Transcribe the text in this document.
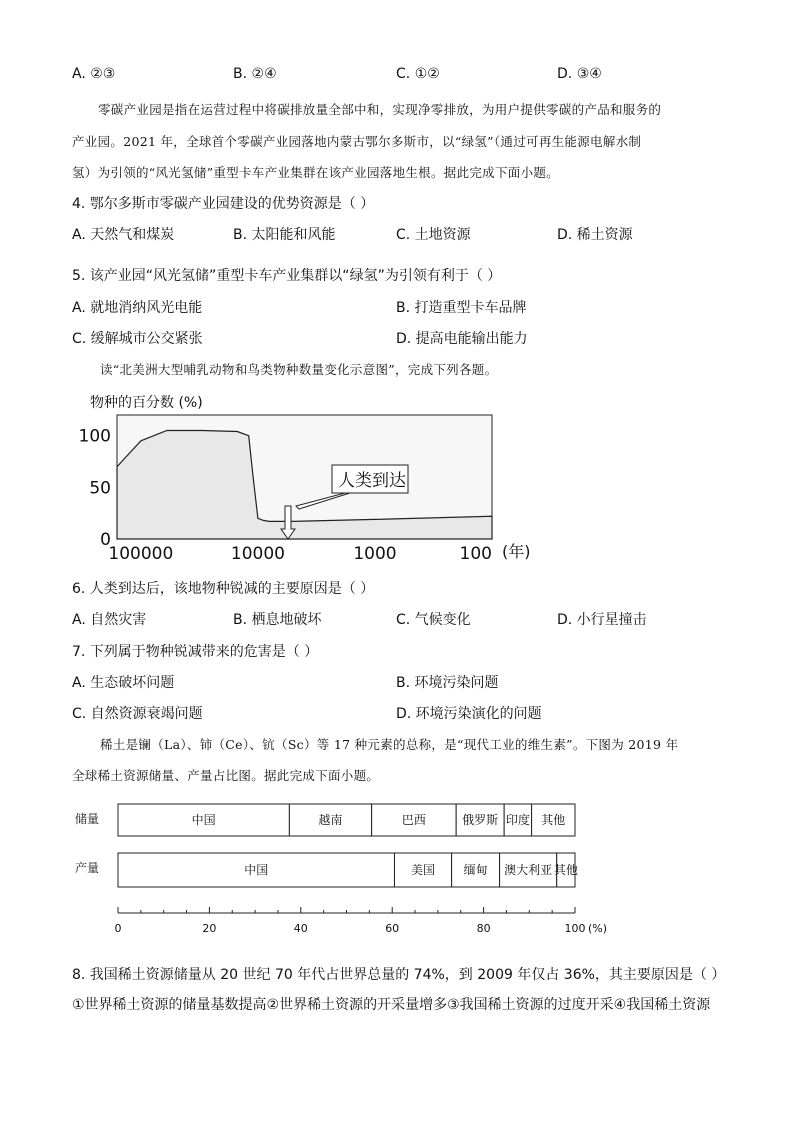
A. ②③	B. ②④	C. ①②	D. ③④
零碳产业园是指在运营过程中将碳排放量全部中和，实现净零排放，为用户提供零碳的产品和服务的
产业园。2021 年，全球首个零碳产业园落地内蒙古鄂尔多斯市，以“绿氢”（通过可再生能源电解水制
氢）为引领的“风光氢储”重型卡车产业集群在该产业园落地生根。据此完成下面小题。
4. 鄂尔多斯市零碳产业园建设的优势资源是（ ）
A. 天然气和煤炭	B. 太阳能和风能	C. 土地资源	D. 稀土资源
5. 该产业园“风光氢储”重型卡车产业集群以“绿氢”为引领有利于（ ）
A. 就地消纳风光电能	B. 打造重型卡车品牌
C. 缓解城市公交紧张	D. 提高电能输出能力
读“北美洲大型哺乳动物和鸟类物种数量变化示意图”，完成下列各题。
物种的百分数 (%)
0
50
100
100000	10000	1000	100 (年)
人类到达
6. 人类到达后，该地物种锐减的主要原因是（ ）
A. 自然灾害	B. 栖息地破坏	C. 气候变化	D. 小行星撞击
7. 下列属于物种锐减带来的危害是（ ）
A. 生态破坏问题	B. 环境污染问题
C. 自然资源衰竭问题	D. 环境污染演化的问题
稀土是镧（La）、铈（Ce）、钪（Sc）等 17 种元素的总称，是“现代工业的维生素”。下图为 2019 年
全球稀土资源储量、产量占比图。据此完成下面小题。
储量
产量
中国	越南	巴西	俄罗斯 印度 其他
中国	美国 缅甸 澳大利亚 其他
0	20	40	60	80	100 (%)
8. 我国稀土资源储量从 20 世纪 70 年代占世界总量的 74%，到 2009 年仅占 36%，其主要原因是（ ）
①世界稀土资源的储量基数提高②世界稀土资源的开采量增多③我国稀土资源的过度开采④我国稀土资源
